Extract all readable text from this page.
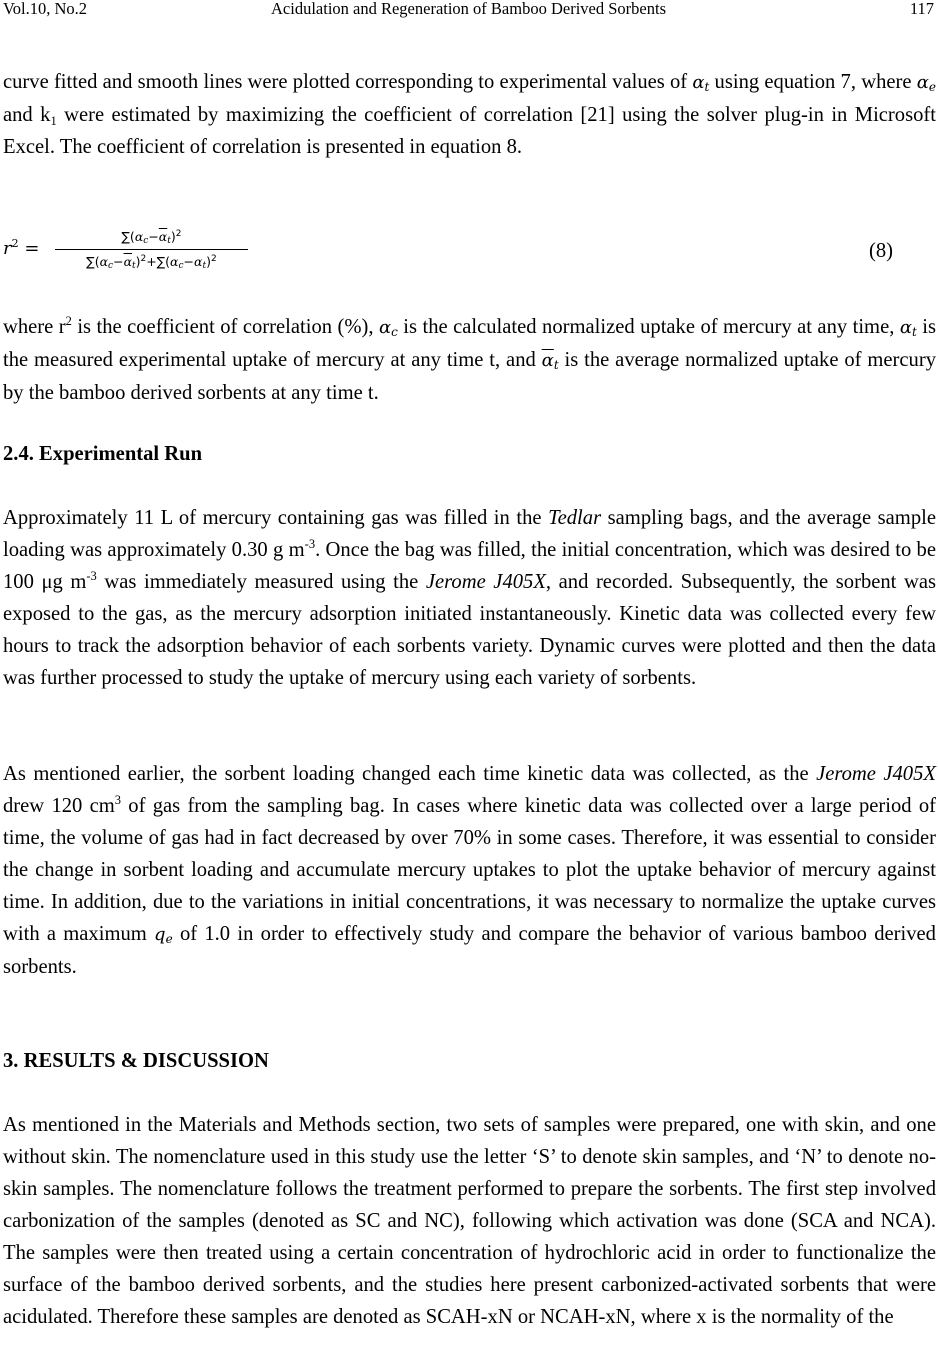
Vol.10, No.2	Acidulation and Regeneration of Bamboo Derived Sorbents	117

curve fitted and smooth lines were plotted corresponding to experimental values of $\alpha_t$ using equation 7, where $\alpha_e$ and $k_1$ were estimated by maximizing the coefficient of correlation [21] using the solver plug-in in Microsoft Excel. The coefficient of correlation is presented in equation 8.

$r^2$ =
$\sum(\alpha_c-\overline{\alpha}_t)^2$
$\sum(\alpha_c-\overline{\alpha}_t)^2+\sum(\alpha_c-\alpha_t)^2$	(8)

where $r^2$ is the coefficient of correlation (%), $\alpha_c$ is the calculated normalized uptake of mercury at any time, $\alpha_t$ is the measured experimental uptake of mercury at any time t, and $\overline{\alpha}_t$ is the average normalized uptake of mercury by the bamboo derived sorbents at any time t.

2.4. Experimental Run

Approximately 11 L of mercury containing gas was filled in the Tedlar sampling bags, and the average sample loading was approximately 0.30 g $m^{-3}$. Once the bag was filled, the initial concentration, which was desired to be 100 μg $m^{-3}$ was immediately measured using the Jerome J405X, and recorded. Subsequently, the sorbent was exposed to the gas, as the mercury adsorption initiated instantaneously. Kinetic data was collected every few hours to track the adsorption behavior of each sorbents variety. Dynamic curves were plotted and then the data was further processed to study the uptake of mercury using each variety of sorbents.

As mentioned earlier, the sorbent loading changed each time kinetic data was collected, as the Jerome J405X drew 120 $cm^3$ of gas from the sampling bag. In cases where kinetic data was collected over a large period of time, the volume of gas had in fact decreased by over 70% in some cases. Therefore, it was essential to consider the change in sorbent loading and accumulate mercury uptakes to plot the uptake behavior of mercury against time. In addition, due to the variations in initial concentrations, it was necessary to normalize the uptake curves with a maximum $q_e$ of 1.0 in order to effectively study and compare the behavior of various bamboo derived sorbents.

3. RESULTS & DISCUSSION

As mentioned in the Materials and Methods section, two sets of samples were prepared, one with skin, and one without skin. The nomenclature used in this study use the letter ‘S’ to denote skin samples, and ‘N’ to denote no-skin samples. The nomenclature follows the treatment performed to prepare the sorbents. The first step involved carbonization of the samples (denoted as SC and NC), following which activation was done (SCA and NCA). The samples were then treated using a certain concentration of hydrochloric acid in order to functionalize the surface of the bamboo derived sorbents, and the studies here present carbonized-activated sorbents that were acidulated. Therefore these samples are denoted as SCAH-xN or NCAH-xN, where x is the normality of the
